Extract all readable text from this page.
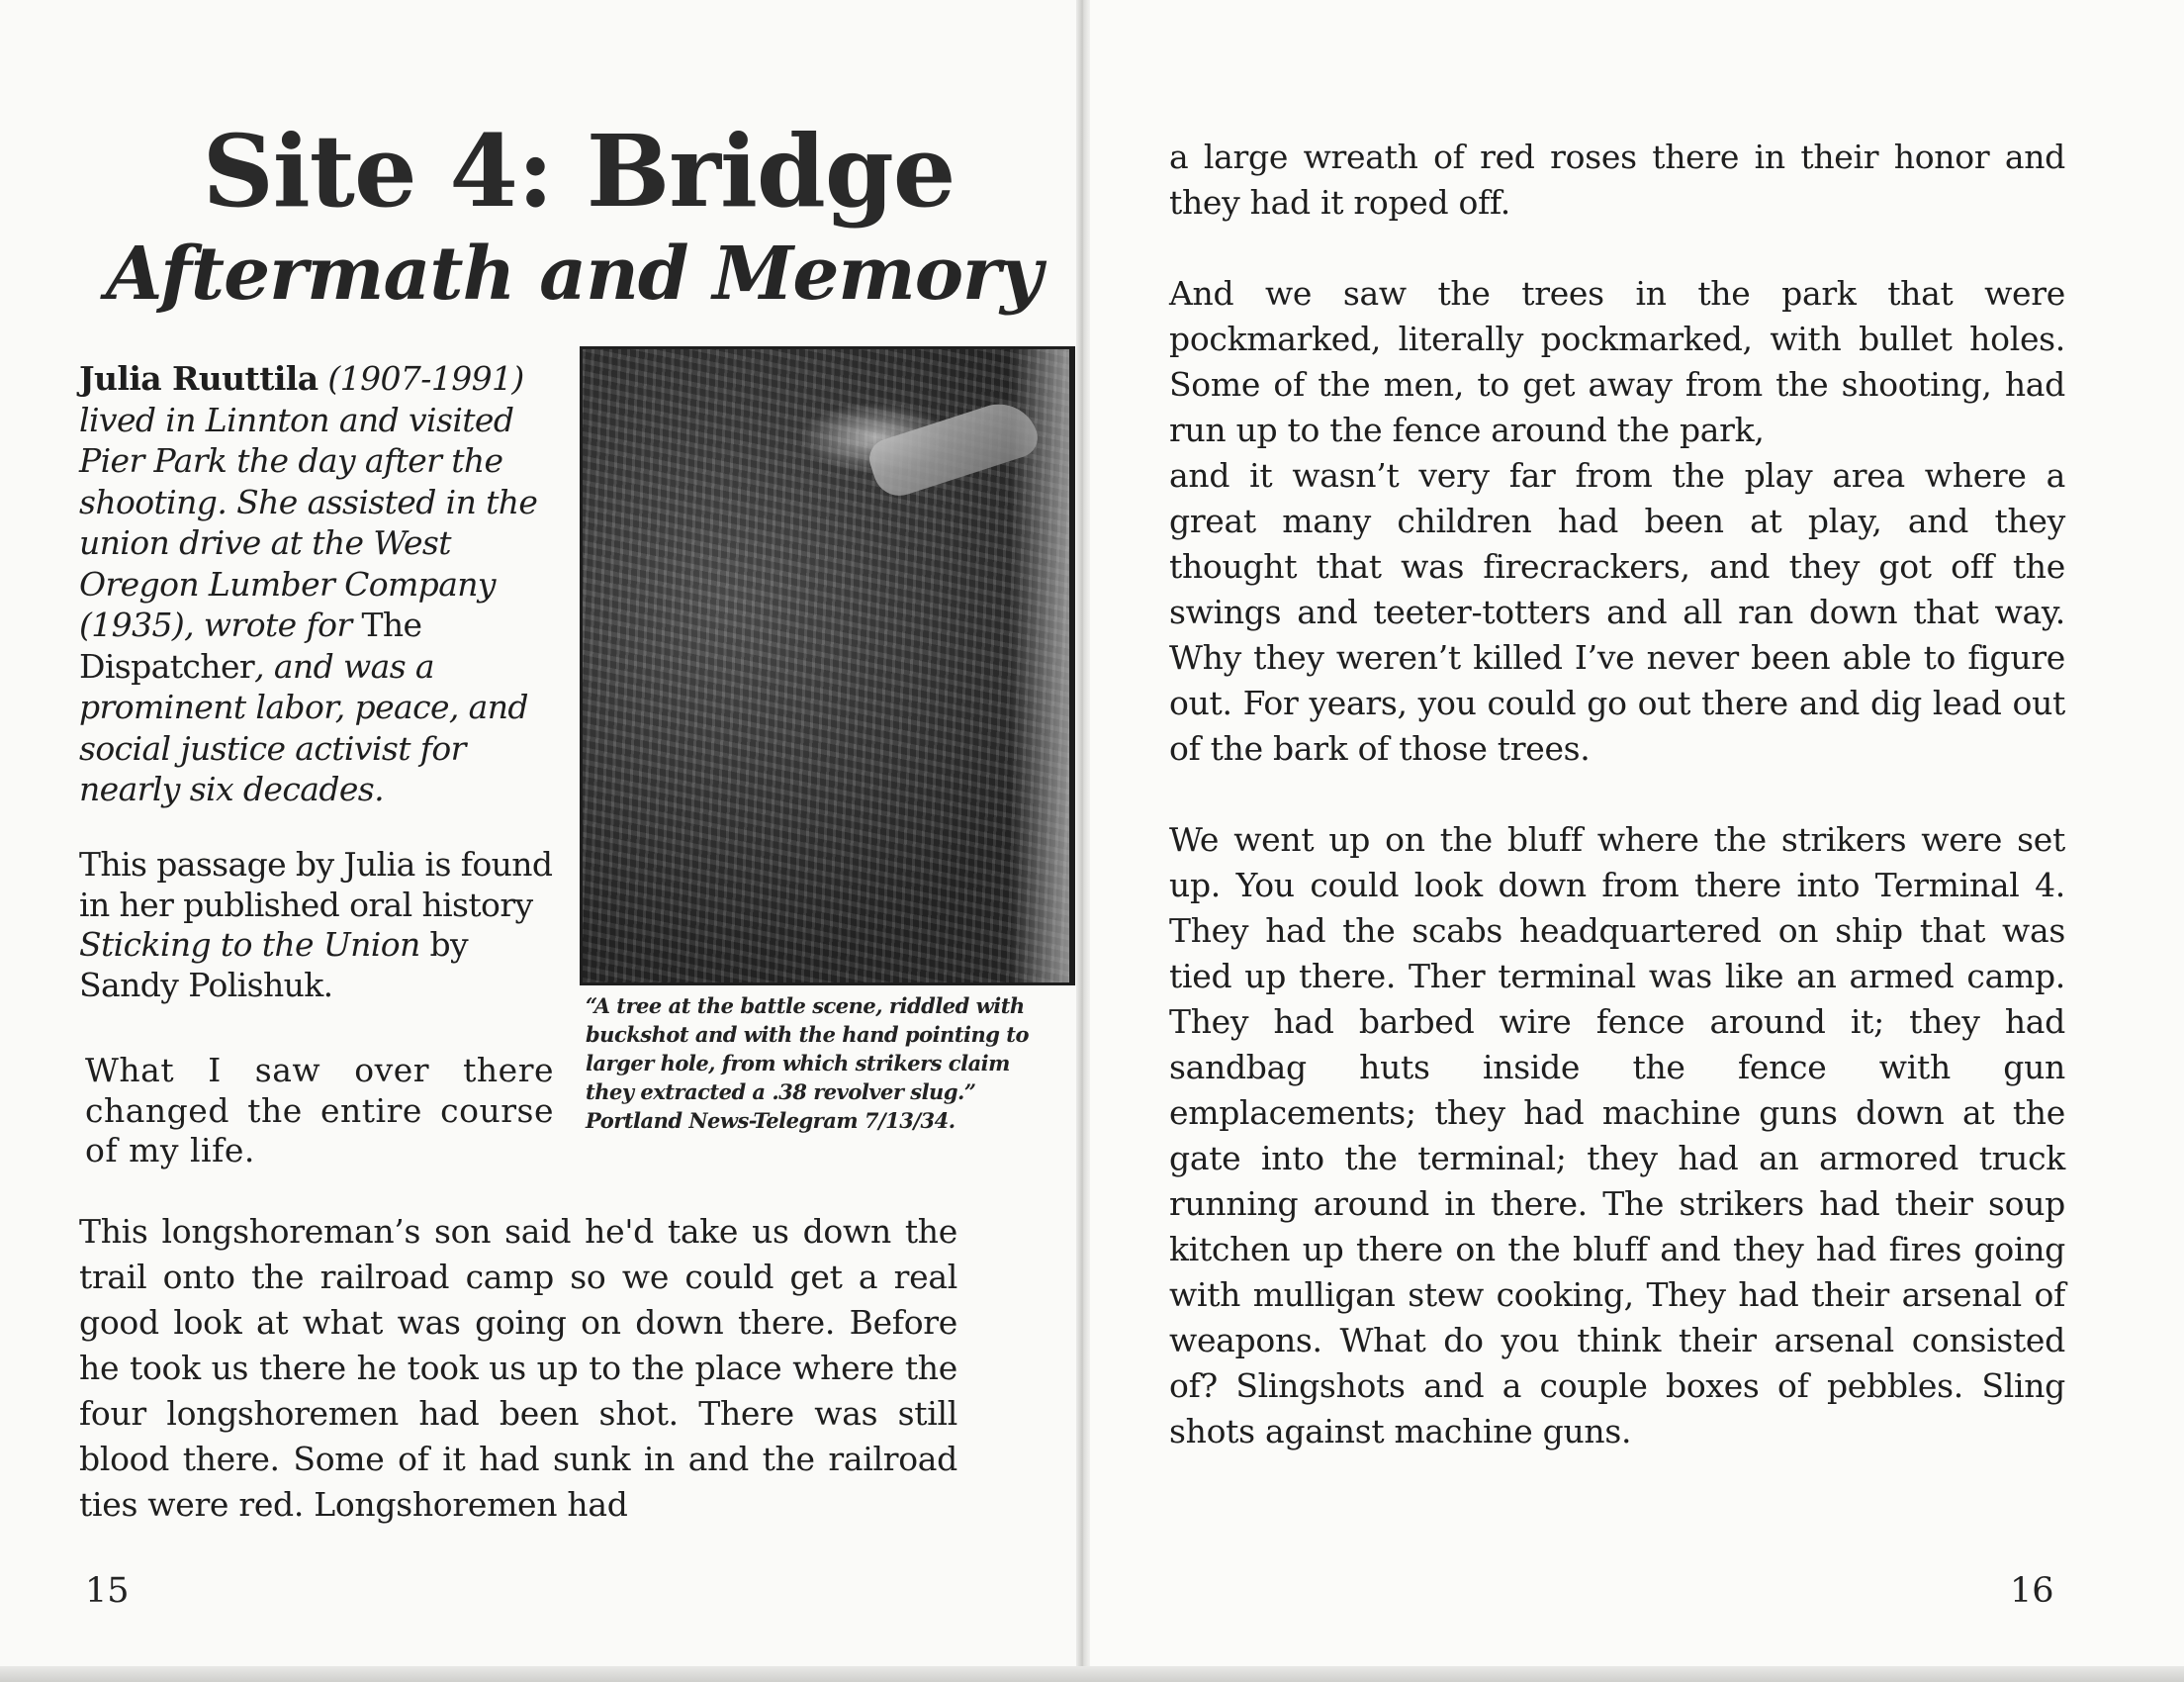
Site 4: Bridge
Aftermath and Memory
Julia Ruuttila (1907-1991) lived in Linnton and visited Pier Park the day after the shooting. She assisted in the union drive at the West Oregon Lumber Company (1935), wrote for The Dispatcher, and was a prominent labor, peace, and social justice activist for nearly six decades.
This passage by Julia is found in her published oral history Sticking to the Union by Sandy Polishuk.
What I saw over there changed the entire course of my life.
“A tree at the battle scene, riddled with buckshot and with the hand pointing to larger hole, from which strikers claim they extracted a .38 revolver slug.” Portland News-Telegram 7/13/34.

This longshoreman’s son said he'd take us down the trail onto the railroad camp so we could get a real good look at what was going on down there. Before he took us there he took us up to the place where the four longshoremen had been shot. There was still blood there. Some of it had sunk in and the railroad ties were red. Longshoremen had

15

a large wreath of red roses there in their honor and they had it roped off.

And we saw the trees in the park that were pockmarked, literally pockmarked, with bullet holes. Some of the men, to get away from the shooting, had run up to the fence around the park,

and it wasn’t very far from the play area where a great many children had been at play, and they thought that was firecrackers, and they got off the swings and teeter-totters and all ran down that way. Why they weren’t killed I’ve never been able to figure out. For years, you could go out there and dig lead out of the bark of those trees.

We went up on the bluff where the strikers were set up. You could look down from there into Terminal 4. They had the scabs headquartered on ship that was tied up there. Ther terminal was like an armed camp. They had barbed wire fence around it; they had sandbag huts inside the fence with gun emplacements; they had machine guns down at the gate into the terminal; they had an armored truck running around in there. The strikers had their soup kitchen up there on the bluff and they had fires going with mulligan stew cooking, They had their arsenal of weapons. What do you think their arsenal consisted of? Slingshots and a couple boxes of pebbles. Sling shots against machine guns.

16
